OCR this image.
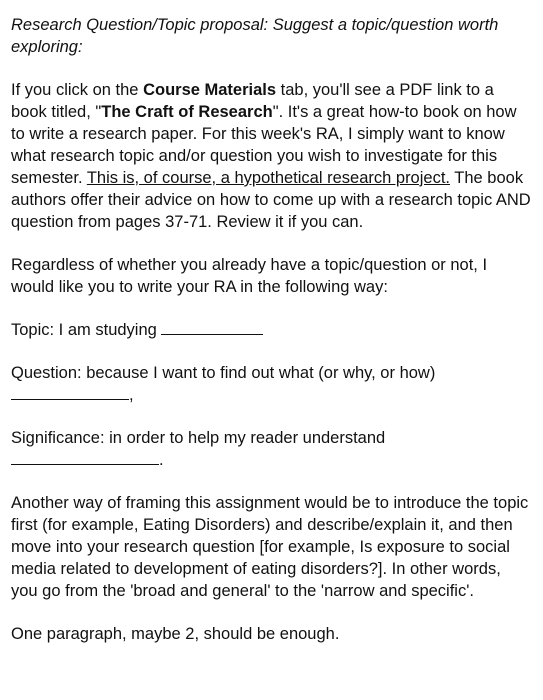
Research Question/Topic proposal: Suggest a topic/question worth exploring:

If you click on the Course Materials tab, you'll see a PDF link to a book titled, "The Craft of Research". It's a great how-to book on how to write a research paper. For this week's RA, I simply want to know what research topic and/or question you wish to investigate for this semester. This is, of course, a hypothetical research project. The book authors offer their advice on how to come up with a research topic AND question from pages 37-71. Review it if you can.

Regardless of whether you already have a topic/question or not, I would like you to write your RA in the following way:

Topic: I am studying

Question: because I want to find out what (or why, or how)
,

Significance: in order to help my reader understand
.

Another way of framing this assignment would be to introduce the topic first (for example, Eating Disorders) and describe/explain it, and then move into your research question [for example, Is exposure to social media related to development of eating disorders?]. In other words, you go from the 'broad and general' to the 'narrow and specific'.

One paragraph, maybe 2, should be enough.
